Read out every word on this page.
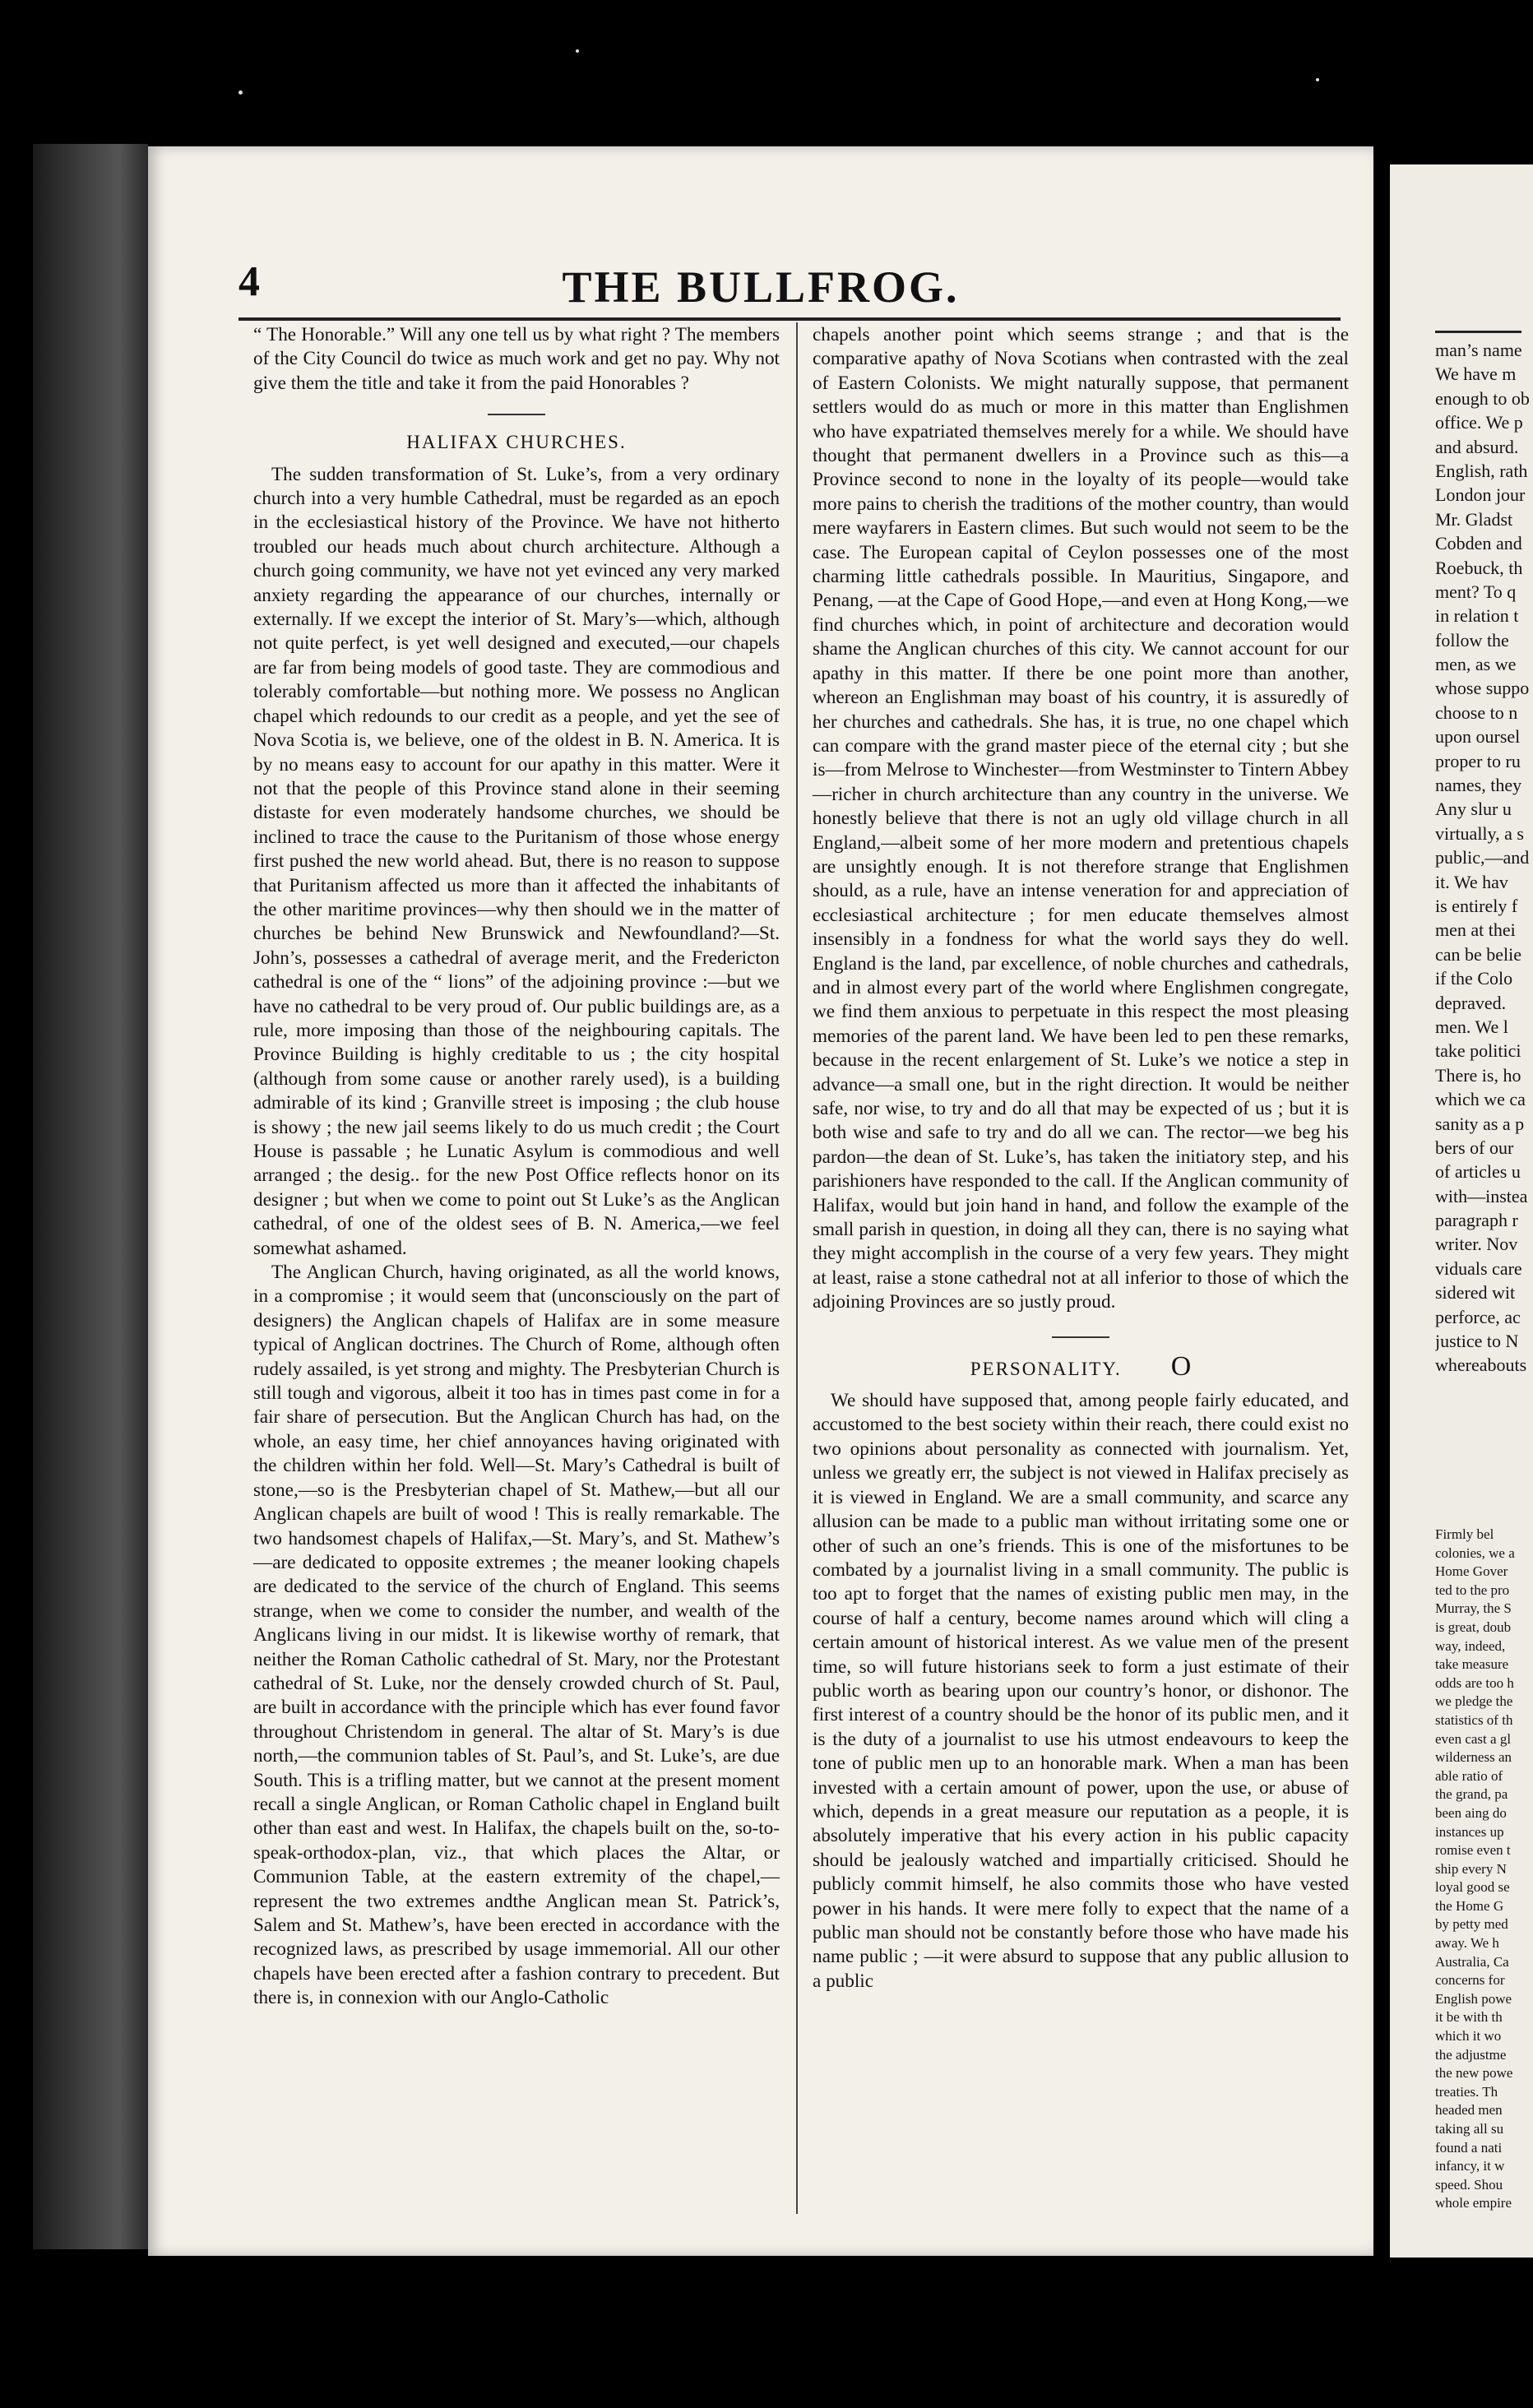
4	THE BULLFROG.

“ The Honorable.” Will any one tell us by what right ? The members of the City Council do twice as much work and get no pay. Why not give them the title and take it from the paid Honorables ?

HALIFAX CHURCHES.

The sudden transformation of St. Luke’s, from a very ordinary church into a very humble Cathedral, must be regarded as an epoch in the ecclesiastical history of the Province. We have not hitherto troubled our heads much about church architecture. Although a church going community, we have not yet evinced any very marked anxiety regarding the appearance of our churches, internally or externally. If we except the interior of St. Mary’s—which, although not quite perfect, is yet well designed and executed,—our chapels are far from being models of good taste. They are commodious and tolerably comfortable—but nothing more. We possess no Anglican chapel which redounds to our credit as a people, and yet the see of Nova Scotia is, we believe, one of the oldest in B. N. America. It is by no means easy to account for our apathy in this matter. Were it not that the people of this Province stand alone in their seeming distaste for even moderately handsome churches, we should be inclined to trace the cause to the Puritanism of those whose energy first pushed the new world ahead. But, there is no reason to suppose that Puritanism affected us more than it affected the inhabitants of the other maritime provinces—why then should we in the matter of churches be behind New Brunswick and Newfoundland?—St. John’s, possesses a cathedral of average merit, and the Fredericton cathedral is one of the “ lions” of the adjoining province :—but we have no cathedral to be very proud of. Our public buildings are, as a rule, more imposing than those of the neighbouring capitals. The Province Building is highly creditable to us ; the city hospital (although from some cause or another rarely used), is a building admirable of its kind ; Granville street is imposing ; the club house is showy ; the new jail seems likely to do us much credit ; the Court House is passable ; he Lunatic Asylum is commodious and well arranged ; the desig.. for the new Post Office reflects honor on its designer ; but when we come to point out St Luke’s as the Anglican cathedral, of one of the oldest sees of B. N. America,—we feel somewhat ashamed.

The Anglican Church, having originated, as all the world knows, in a compromise ; it would seem that (unconsciously on the part of designers) the Anglican chapels of Halifax are in some measure typical of Anglican doctrines. The Church of Rome, although often rudely assailed, is yet strong and mighty. The Presbyterian Church is still tough and vigorous, albeit it too has in times past come in for a fair share of persecution. But the Anglican Church has had, on the whole, an easy time, her chief annoyances having originated with the children within her fold. Well—St. Mary’s Cathedral is built of stone,—so is the Presbyterian chapel of St. Mathew,—but all our Anglican chapels are built of wood ! This is really remarkable. The two handsomest chapels of Halifax,—St. Mary’s, and St. Mathew’s—are dedicated to opposite extremes ; the meaner looking chapels are dedicated to the service of the church of England. This seems strange, when we come to consider the number, and wealth of the Anglicans living in our midst. It is likewise worthy of remark, that neither the Roman Catholic cathedral of St. Mary, nor the Protestant cathedral of St. Luke, nor the densely crowded church of St. Paul, are built in accordance with the principle which has ever found favor throughout Christendom in general. The altar of St. Mary’s is due north,—the communion tables of St. Paul’s, and St. Luke’s, are due South. This is a trifling matter, but we cannot at the present moment recall a single Anglican, or Roman Catholic chapel in England built other than east and west. In Halifax, the chapels built on the, so-to-speak-orthodox-plan, viz., that which places the Altar, or Communion Table, at the eastern extremity of the chapel,—represent the two extremes andthe Anglican mean St. Patrick’s, Salem and St. Mathew’s, have been erected in accordance with the recognized laws, as prescribed by usage immemorial. All our other chapels have been erected after a fashion contrary to precedent. But there is, in connexion with our Anglo-Catholic

chapels another point which seems strange ; and that is the comparative apathy of Nova Scotians when contrasted with the zeal of Eastern Colonists. We might naturally suppose, that permanent settlers would do as much or more in this matter than Englishmen who have expatriated themselves merely for a while. We should have thought that permanent dwellers in a Province such as this—a Province second to none in the loyalty of its people—would take more pains to cherish the traditions of the mother country, than would mere wayfarers in Eastern climes. But such would not seem to be the case. The European capital of Ceylon possesses one of the most charming little cathedrals possible. In Mauritius, Singapore, and Penang, —at the Cape of Good Hope,—and even at Hong Kong,—we find churches which, in point of architecture and decoration would shame the Anglican churches of this city. We cannot account for our apathy in this matter. If there be one point more than another, whereon an Englishman may boast of his country, it is assuredly of her churches and cathedrals. She has, it is true, no one chapel which can compare with the grand master piece of the eternal city ; but she is—from Melrose to Winchester—from Westminster to Tintern Abbey—richer in church architecture than any country in the universe. We honestly believe that there is not an ugly old village church in all England,—albeit some of her more modern and pretentious chapels are unsightly enough. It is not therefore strange that Englishmen should, as a rule, have an intense veneration for and appreciation of ecclesiastical architecture ; for men educate themselves almost insensibly in a fondness for what the world says they do well. England is the land, par excellence, of noble churches and cathedrals, and in almost every part of the world where Englishmen congregate, we find them anxious to perpetuate in this respect the most pleasing memories of the parent land. We have been led to pen these remarks, because in the recent enlargement of St. Luke’s we notice a step in advance—a small one, but in the right direction. It would be neither safe, nor wise, to try and do all that may be expected of us ; but it is both wise and safe to try and do all we can. The rector—we beg his pardon—the dean of St. Luke’s, has taken the initiatory step, and his parishioners have responded to the call. If the Anglican community of Halifax, would but join hand in hand, and follow the example of the small parish in question, in doing all they can, there is no saying what they might accomplish in the course of a very few years. They might at least, raise a stone cathedral not at all inferior to those of which the adjoining Provinces are so justly proud.

PERSONALITY. O

We should have supposed that, among people fairly educated, and accustomed to the best society within their reach, there could exist no two opinions about personality as connected with journalism. Yet, unless we greatly err, the subject is not viewed in Halifax precisely as it is viewed in England. We are a small community, and scarce any allusion can be made to a public man without irritating some one or other of such an one’s friends. This is one of the misfortunes to be combated by a journalist living in a small community. The public is too apt to forget that the names of existing public men may, in the course of half a century, become names around which will cling a certain amount of historical interest. As we value men of the present time, so will future historians seek to form a just estimate of their public worth as bearing upon our country’s honor, or dishonor. The first interest of a country should be the honor of its public men, and it is the duty of a journalist to use his utmost endeavours to keep the tone of public men up to an honorable mark. When a man has been invested with a certain amount of power, upon the use, or abuse of which, depends in a great measure our reputation as a people, it is absolutely imperative that his every action in his public capacity should be jealously watched and impartially criticised. Should he publicly commit himself, he also commits those who have vested power in his hands. It were mere folly to expect that the name of a public man should not be constantly before those who have made his name public ; —it were absurd to suppose that any public allusion to a public

man’s name
We have m
enough to ob
office. We p
and absurd.
English, rath
London jour
Mr. Gladst
Cobden and
Roebuck, th
ment? To q
in relation t
follow the
men, as we
whose suppo
choose to n
upon oursel
proper to ru
names, they
Any slur u
virtually, a s
public,—and
it. We hav
is entirely f
men at thei
can be belie
if the Colo
depraved.
men. We l
take politici
There is, ho
which we ca
sanity as a p
bers of our
of articles u
with—instea
paragraph r
writer. Nov
viduals care
sidered wit
perforce, ac
justice to N
whereabouts
Firmly bel
colonies, we a
Home Gover
ted to the pro
Murray, the S
is great, doub
way, indeed,
take measure
odds are too h
we pledge the
statistics of th
even cast a gl
wilderness an
able ratio of
the grand, pa
been aing do
instances up
romise even t
ship every N
loyal good se
the Home G
by petty med
away. We h
Australia, Ca
concerns for
English powe
it be with th
which it wo
the adjustme
the new powe
treaties. Th
headed men
taking all su
found a nati
infancy, it w
speed. Shou
whole empire
